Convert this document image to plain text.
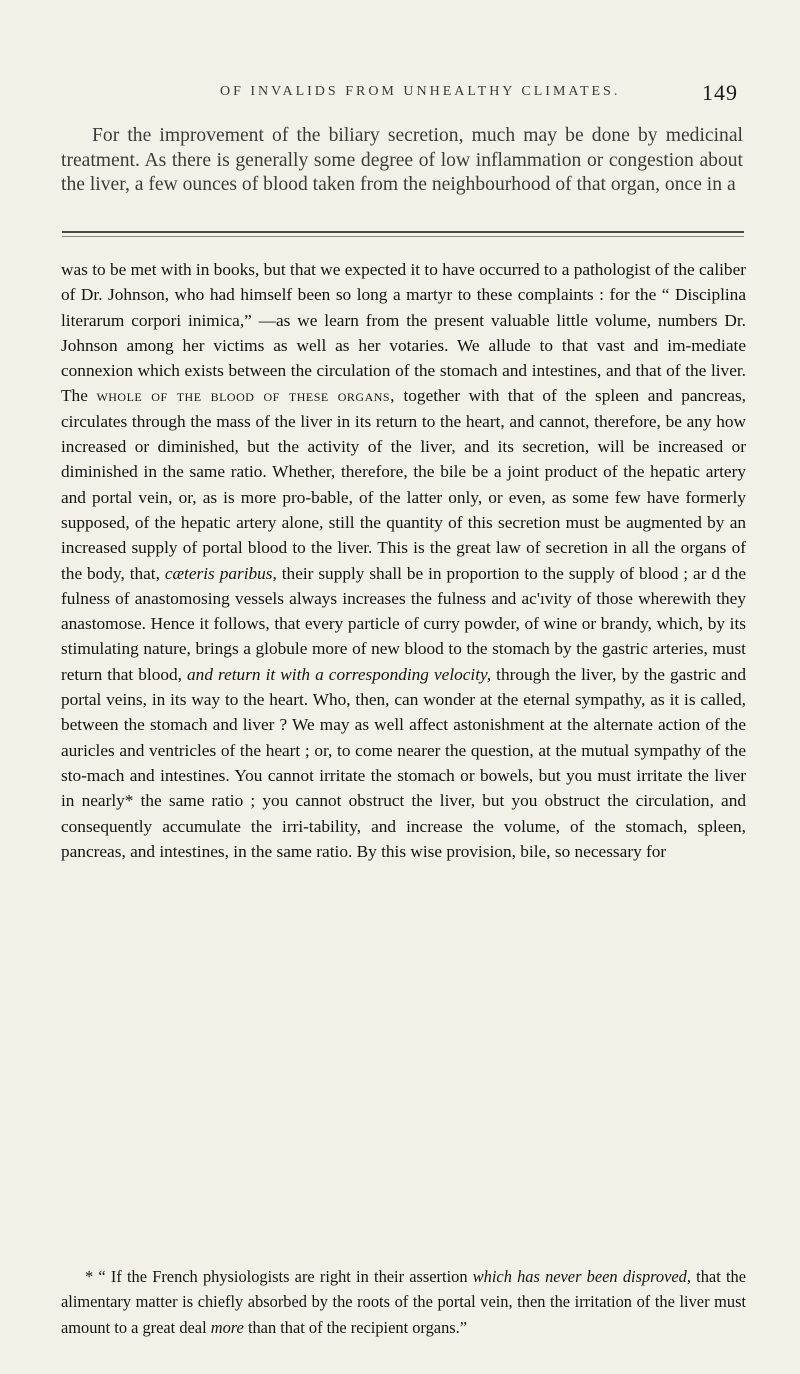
OF INVALIDS FROM UNHEALTHY CLIMATES.	149

For the improvement of the biliary secretion, much may be done by medicinal treatment. As there is generally some degree of low inflammation or congestion about the liver, a few ounces of blood taken from the neighbourhood of that organ, once in a

was to be met with in books, but that we expected it to have occurred to a pathologist of the caliber of Dr. Johnson, who had himself been so long a martyr to these complaints : for the “ Disciplina literarum corpori inimica,” —as we learn from the present valuable little volume, numbers Dr. Johnson among her victims as well as her votaries. We allude to that vast and im-mediate connexion which exists between the circulation of the stomach and intestines, and that of the liver. The whole of the blood of these organs, together with that of the spleen and pancreas, circulates through the mass of the liver in its return to the heart, and cannot, therefore, be any how increased or diminished, but the activity of the liver, and its secretion, will be increased or diminished in the same ratio. Whether, therefore, the bile be a joint product of the hepatic artery and portal vein, or, as is more pro-bable, of the latter only, or even, as some few have formerly supposed, of the hepatic artery alone, still the quantity of this secretion must be augmented by an increased supply of portal blood to the liver. This is the great law of secretion in all the organs of the body, that, cæteris paribus, their supply shall be in proportion to the supply of blood ; ar d the fulness of anastomosing vessels always increases the fulness and ac'ıvity of those wherewith they anastomose. Hence it follows, that every particle of curry powder, of wine or brandy, which, by its stimulating nature, brings a globule more of new blood to the stomach by the gastric arteries, must return that blood, and return it with a corresponding velocity, through the liver, by the gastric and portal veins, in its way to the heart. Who, then, can wonder at the eternal sympathy, as it is called, between the stomach and liver ? We may as well affect astonishment at the alternate action of the auricles and ventricles of the heart ; or, to come nearer the question, at the mutual sympathy of the sto-mach and intestines. You cannot irritate the stomach or bowels, but you must irritate the liver in nearly* the same ratio ; you cannot obstruct the liver, but you obstruct the circulation, and consequently accumulate the irri-tability, and increase the volume, of the stomach, spleen, pancreas, and intestines, in the same ratio. By this wise provision, bile, so necessary for

* “ If the French physiologists are right in their assertion which has never been disproved, that the alimentary matter is chiefly absorbed by the roots of the portal vein, then the irritation of the liver must amount to a great deal more than that of the recipient organs.”
